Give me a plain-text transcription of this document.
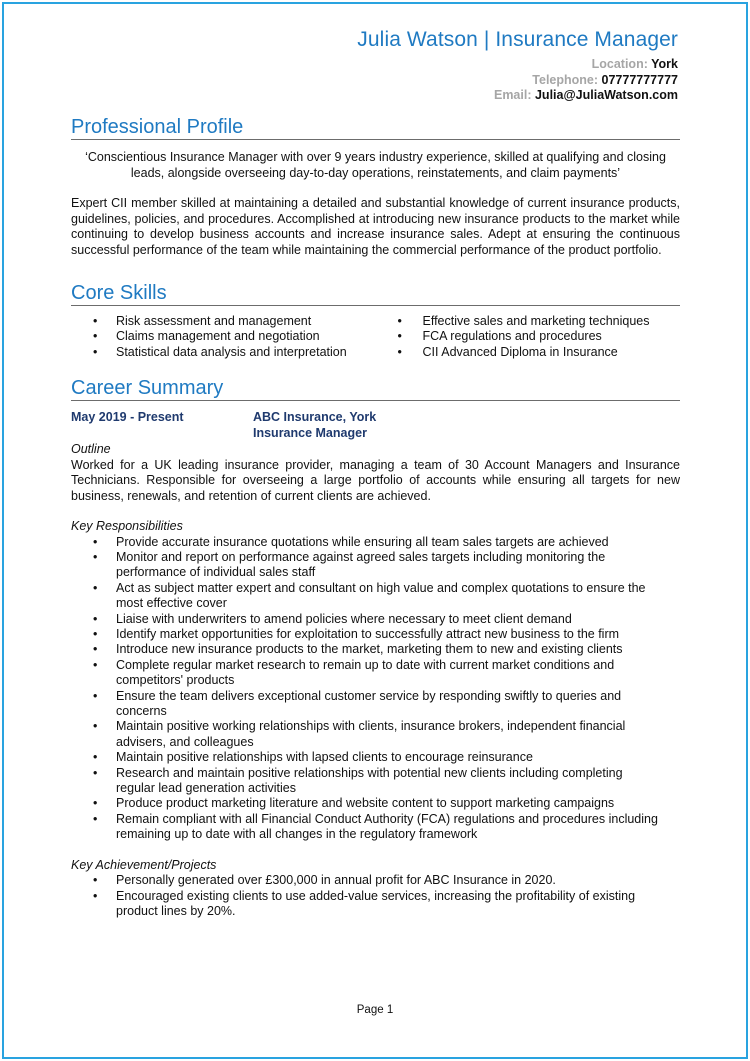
Julia Watson | Insurance Manager
Location: York
Telephone: 07777777777
Email: Julia@JuliaWatson.com
Professional Profile
‘Conscientious Insurance Manager with over 9 years industry experience, skilled at qualifying and closing leads, alongside overseeing day-to-day operations, reinstatements, and claim payments’
Expert CII member skilled at maintaining a detailed and substantial knowledge of current insurance products, guidelines, policies, and procedures. Accomplished at introducing new insurance products to the market while continuing to develop business accounts and increase insurance sales. Adept at ensuring the continuous successful performance of the team while maintaining the commercial performance of the product portfolio.
Core Skills
• Risk assessment and management
• Claims management and negotiation
• Statistical data analysis and interpretation
• Effective sales and marketing techniques
• FCA regulations and procedures
• CII Advanced Diploma in Insurance
Career Summary
May 2019 - Present	ABC Insurance, York
Insurance Manager
Outline
Worked for a UK leading insurance provider, managing a team of 30 Account Managers and Insurance Technicians. Responsible for overseeing a large portfolio of accounts while ensuring all targets for new business, renewals, and retention of current clients are achieved.
Key Responsibilities
• Provide accurate insurance quotations while ensuring all team sales targets are achieved
• Monitor and report on performance against agreed sales targets including monitoring the performance of individual sales staff
• Act as subject matter expert and consultant on high value and complex quotations to ensure the most effective cover
• Liaise with underwriters to amend policies where necessary to meet client demand
• Identify market opportunities for exploitation to successfully attract new business to the firm
• Introduce new insurance products to the market, marketing them to new and existing clients
• Complete regular market research to remain up to date with current market conditions and competitors' products
• Ensure the team delivers exceptional customer service by responding swiftly to queries and concerns
• Maintain positive working relationships with clients, insurance brokers, independent financial advisers, and colleagues
• Maintain positive relationships with lapsed clients to encourage reinsurance
• Research and maintain positive relationships with potential new clients including completing regular lead generation activities
• Produce product marketing literature and website content to support marketing campaigns
• Remain compliant with all Financial Conduct Authority (FCA) regulations and procedures including remaining up to date with all changes in the regulatory framework
Key Achievement/Projects
• Personally generated over £300,000 in annual profit for ABC Insurance in 2020.
• Encouraged existing clients to use added-value services, increasing the profitability of existing product lines by 20%.
Page 1
